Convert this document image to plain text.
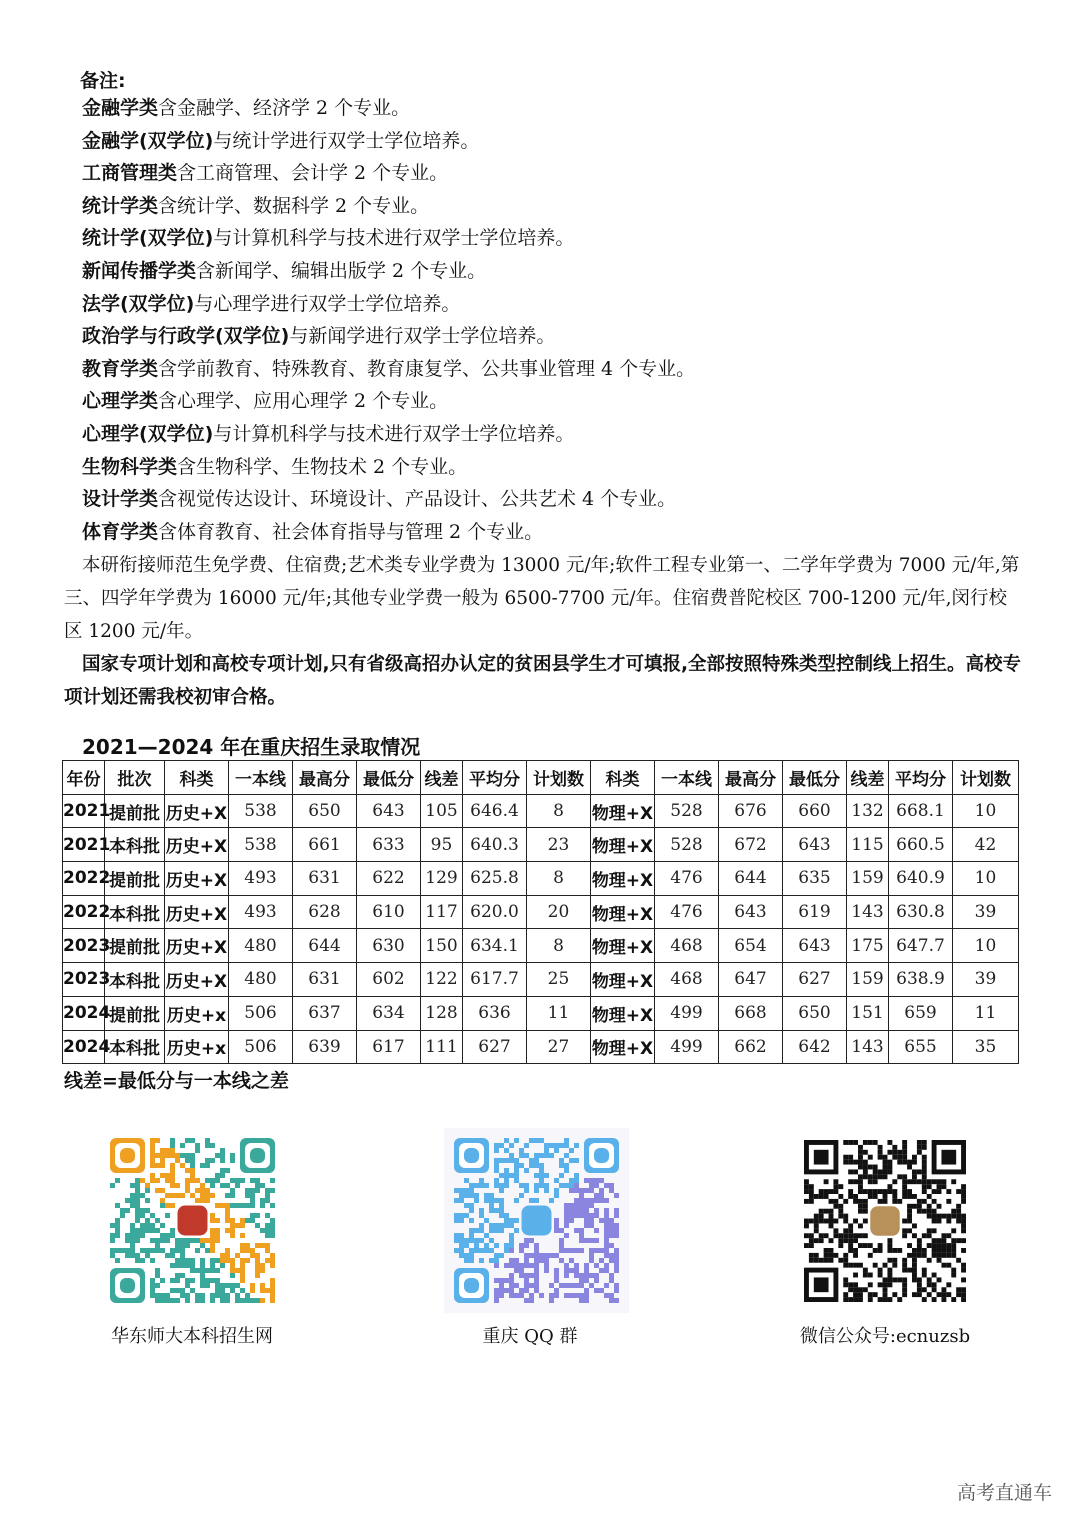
备注:
金融学类含金融学、经济学 2 个专业。
金融学(双学位)与统计学进行双学士学位培养。
工商管理类含工商管理、会计学 2 个专业。
统计学类含统计学、数据科学 2 个专业。
统计学(双学位)与计算机科学与技术进行双学士学位培养。
新闻传播学类含新闻学、编辑出版学 2 个专业。
法学(双学位)与心理学进行双学士学位培养。
政治学与行政学(双学位)与新闻学进行双学士学位培养。
教育学类含学前教育、特殊教育、教育康复学、公共事业管理 4 个专业。
心理学类含心理学、应用心理学 2 个专业。
心理学(双学位)与计算机科学与技术进行双学士学位培养。
生物科学类含生物科学、生物技术 2 个专业。
设计学类含视觉传达设计、环境设计、产品设计、公共艺术 4 个专业。
体育学类含体育教育、社会体育指导与管理 2 个专业。
本研衔接师范生免学费、住宿费;艺术类专业学费为 13000 元/年;软件工程专业第一、二学年学费为 7000 元/年,第三、四学年学费为 16000 元/年;其他专业学费一般为 6500-7700 元/年。住宿费普陀校区 700-1200 元/年,闵行校区 1200 元/年。
国家专项计划和高校专项计划,只有省级高招办认定的贫困县学生才可填报,全部按照特殊类型控制线上招生。高校专项计划还需我校初审合格。
2021—2024 年在重庆招生录取情况
年份	批次	科类	一本线	最高分	最低分	线差	平均分	计划数	科类	一本线	最高分	最低分	线差	平均分	计划数
2021	提前批	历史+X	538	650	643	105	646.4	8	物理+X	528	676	660	132	668.1	10
2021	本科批	历史+X	538	661	633	95	640.3	23	物理+X	528	672	643	115	660.5	42
2022	提前批	历史+X	493	631	622	129	625.8	8	物理+X	476	644	635	159	640.9	10
2022	本科批	历史+X	493	628	610	117	620.0	20	物理+X	476	643	619	143	630.8	39
2023	提前批	历史+X	480	644	630	150	634.1	8	物理+X	468	654	643	175	647.7	10
2023	本科批	历史+X	480	631	602	122	617.7	25	物理+X	468	647	627	159	638.9	39
2024	提前批	历史+x	506	637	634	128	636	11	物理+X	499	668	650	151	659	11
2024	本科批	历史+x	506	639	617	111	627	27	物理+X	499	662	642	143	655	35
线差=最低分与一本线之差
华东师大本科招生网	重庆 QQ 群	微信公众号:ecnuzsb
高考直通车
